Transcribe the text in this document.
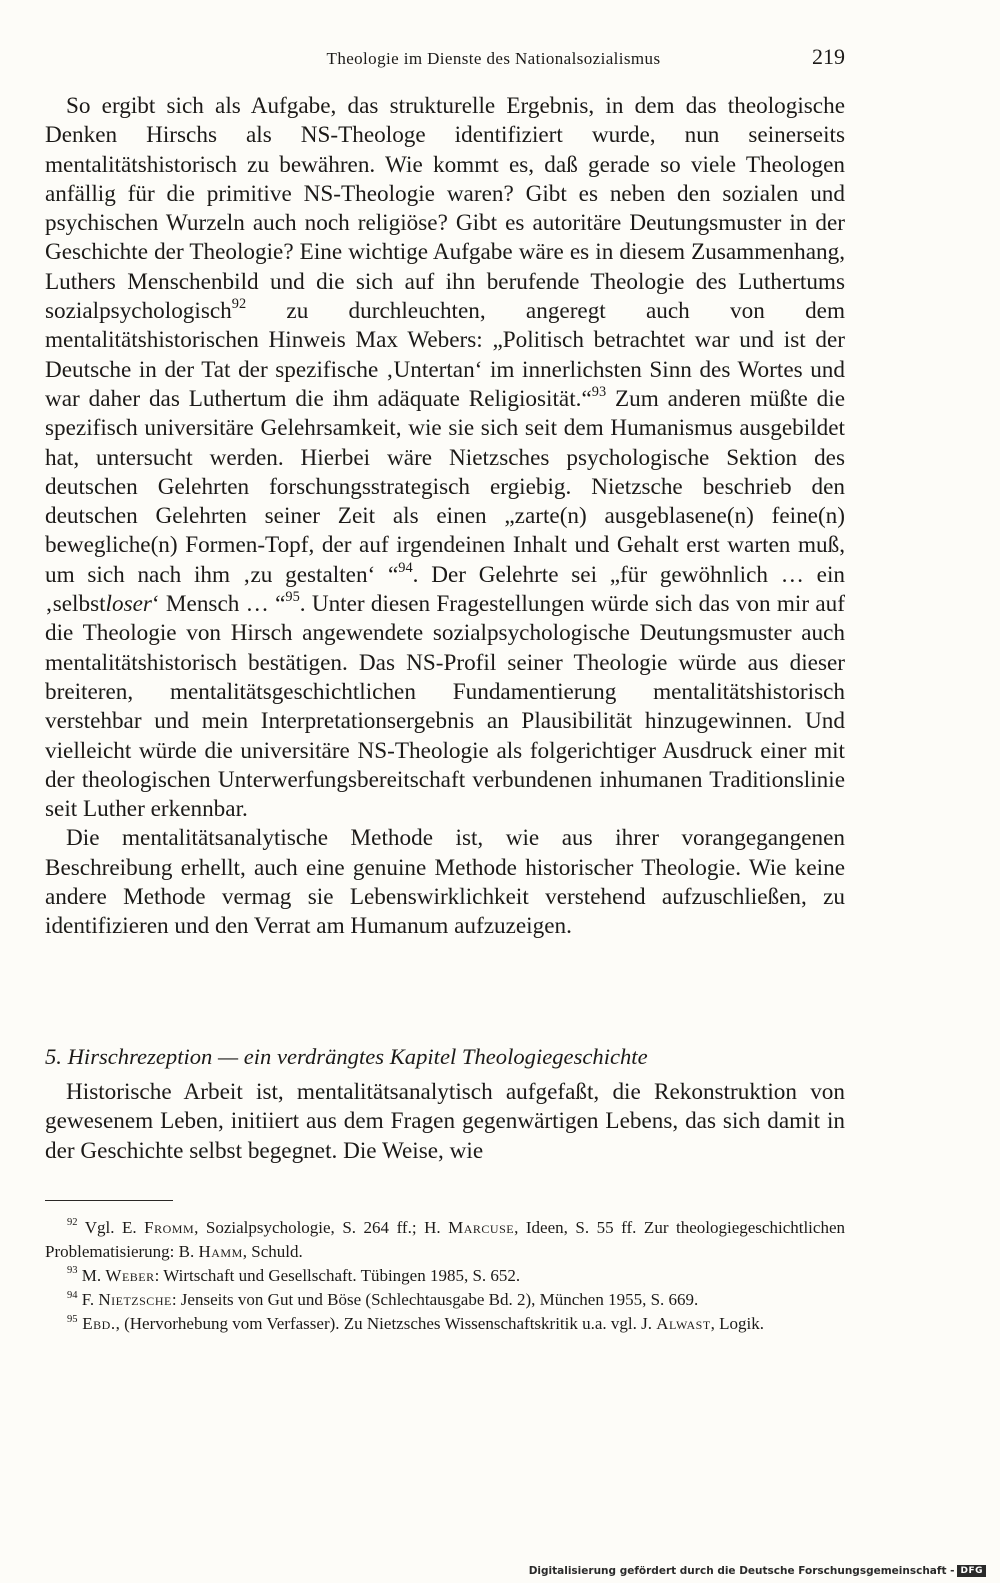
Theologie im Dienste des Nationalsozialismus	219

So ergibt sich als Aufgabe, das strukturelle Ergebnis, in dem das theologische Denken Hirschs als NS-Theologe identifiziert wurde, nun seinerseits mentalitätshistorisch zu bewähren. Wie kommt es, daß gerade so viele Theologen anfällig für die primitive NS-Theologie waren? Gibt es neben den sozialen und psychischen Wurzeln auch noch religiöse? Gibt es autoritäre Deutungsmuster in der Geschichte der Theologie? Eine wichtige Aufgabe wäre es in diesem Zusammenhang, Luthers Menschenbild und die sich auf ihn berufende Theologie des Luthertums sozialpsychologisch$^{92}$ zu durchleuchten, angeregt auch von dem mentalitätshistorischen Hinweis Max Webers: „Politisch betrachtet war und ist der Deutsche in der Tat der spezifische ‚Untertan‘ im innerlichsten Sinn des Wortes und war daher das Luthertum die ihm adäquate Religiosität.“$^{93}$ Zum anderen müßte die spezifisch universitäre Gelehrsamkeit, wie sie sich seit dem Humanismus ausgebildet hat, untersucht werden. Hierbei wäre Nietzsches psychologische Sektion des deutschen Gelehrten forschungsstrategisch ergiebig. Nietzsche beschrieb den deutschen Gelehrten seiner Zeit als einen „zarte(n) ausgeblasene(n) feine(n) bewegliche(n) Formen-Topf, der auf irgendeinen Inhalt und Gehalt erst warten muß, um sich nach ihm ‚zu gestalten‘ “$^{94}$. Der Gelehrte sei „für gewöhnlich … ein ‚selbstloser‘ Mensch … “$^{95}$. Unter diesen Fragestellungen würde sich das von mir auf die Theologie von Hirsch angewendete sozialpsychologische Deutungsmuster auch mentalitätshistorisch bestätigen. Das NS-Profil seiner Theologie würde aus dieser breiteren, mentalitätsgeschichtlichen Fundamentierung mentalitätshistorisch verstehbar und mein Interpretationsergebnis an Plausibilität hinzugewinnen. Und vielleicht würde die universitäre NS-Theologie als folgerichtiger Ausdruck einer mit der theologischen Unterwerfungsbereitschaft verbundenen inhumanen Traditionslinie seit Luther erkennbar.

Die mentalitätsanalytische Methode ist, wie aus ihrer vorangegangenen Beschreibung erhellt, auch eine genuine Methode historischer Theologie. Wie keine andere Methode vermag sie Lebenswirklichkeit verstehend aufzuschließen, zu identifizieren und den Verrat am Humanum aufzuzeigen.

5. Hirschrezeption — ein verdrängtes Kapitel Theologiegeschichte

Historische Arbeit ist, mentalitätsanalytisch aufgefaßt, die Rekonstruktion von gewesenem Leben, initiiert aus dem Fragen gegenwärtigen Lebens, das sich damit in der Geschichte selbst begegnet. Die Weise, wie

$^{92}$ Vgl. E. Fromm, Sozialpsychologie, S. 264 ff.; H. Marcuse, Ideen, S. 55 ff. Zur theologiegeschichtlichen Problematisierung: B. Hamm, Schuld.

$^{93}$ M. Weber: Wirtschaft und Gesellschaft. Tübingen 1985, S. 652.

$^{94}$ F. Nietzsche: Jenseits von Gut und Böse (Schlechtausgabe Bd. 2), München 1955, S. 669.

$^{95}$ Ebd., (Hervorhebung vom Verfasser). Zu Nietzsches Wissenschaftskritik u.a. vgl. J. Alwast, Logik.

Digitalisierung gefördert durch die Deutsche Forschungsgemeinschaft - DFG
